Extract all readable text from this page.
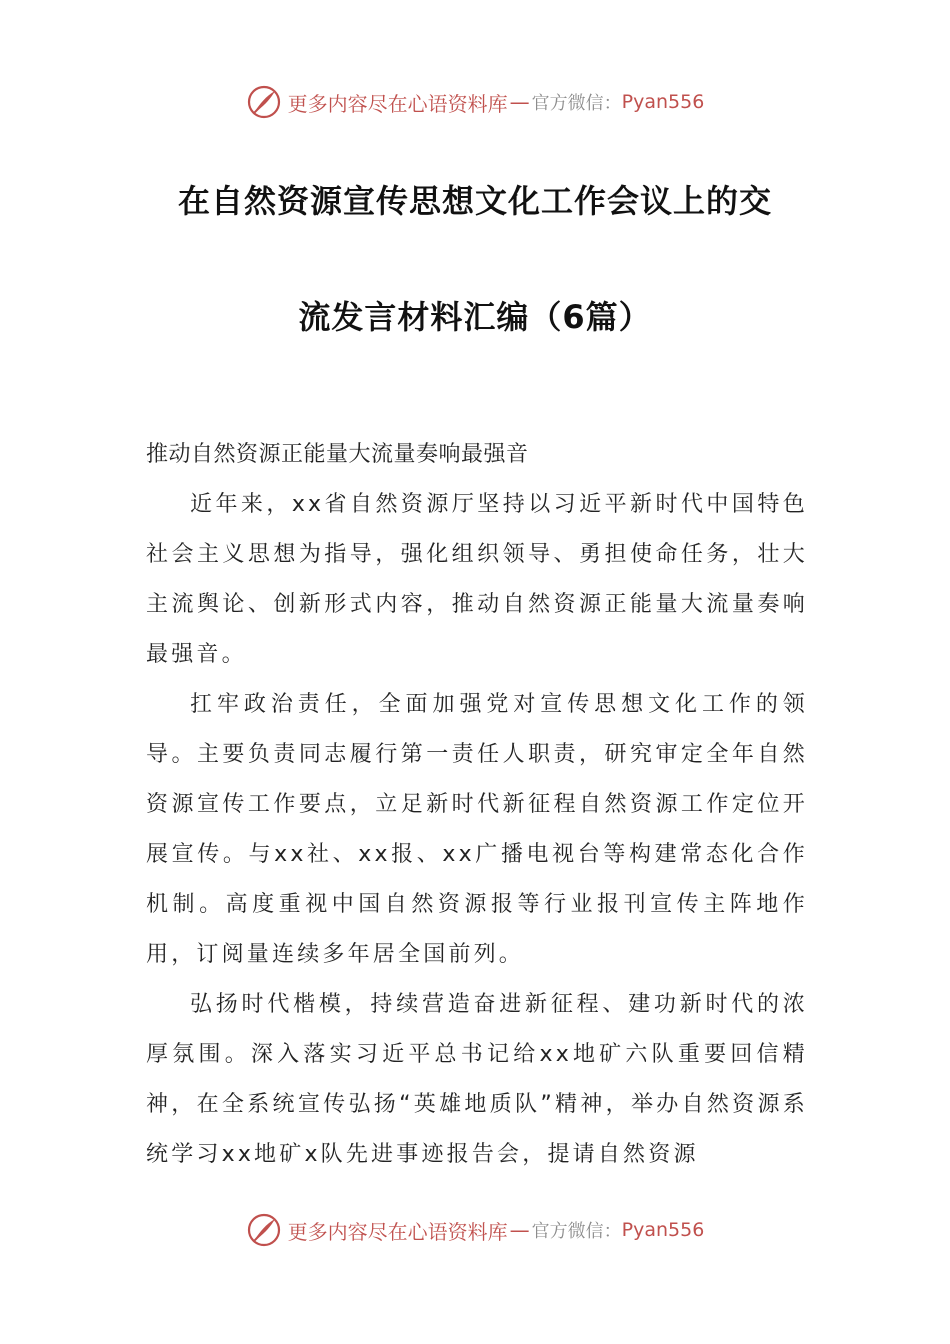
更多内容尽在心语资料库 — 官方微信： Pyan556
在自然资源宣传思想文化工作会议上的交
流发言材料汇编（6篇）
推动自然资源正能量大流量奏响最强音

近年来，xx省自然资源厅坚持以习近平新时代中国特色社会主义思想为指导，强化组织领导、勇担使命任务，壮大主流舆论、创新形式内容，推动自然资源正能量大流量奏响最强音。

扛牢政治责任，全面加强党对宣传思想文化工作的领导。主要负责同志履行第一责任人职责，研究审定全年自然资源宣传工作要点，立足新时代新征程自然资源工作定位开展宣传。与xx社、xx报、xx广播电视台等构建常态化合作机制。高度重视中国自然资源报等行业报刊宣传主阵地作用，订阅量连续多年居全国前列。

弘扬时代楷模，持续营造奋进新征程、建功新时代的浓厚氛围。深入落实习近平总书记给xx地矿六队重要回信精神，在全系统宣传弘扬“英雄地质队”精神，举办自然资源系统学习xx地矿x队先进事迹报告会，提请自然资源

更多内容尽在心语资料库 — 官方微信： Pyan556
